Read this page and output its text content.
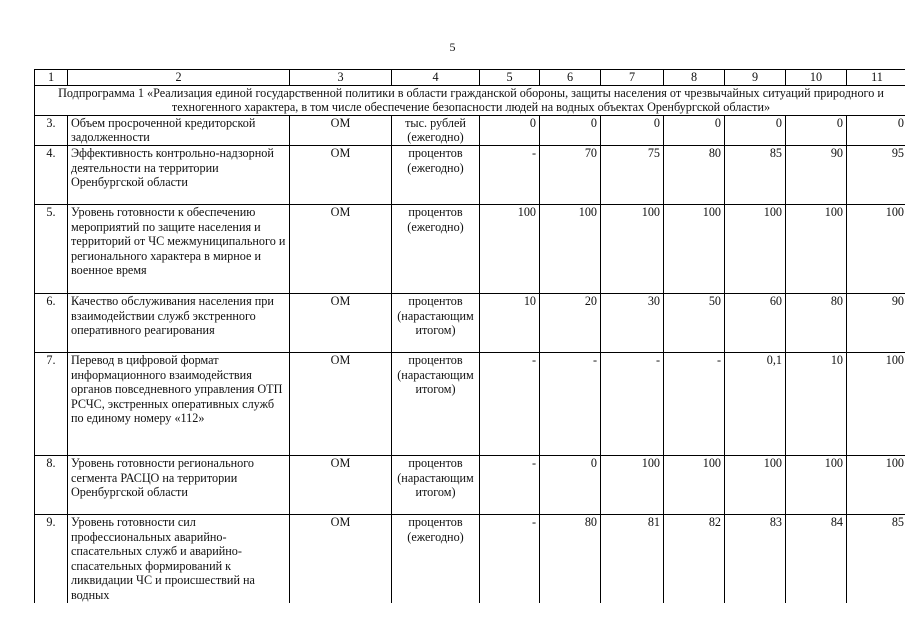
5
1	2	3	4	5	6	7	8	9	10	11
Подпрограмма 1 «Реализация единой государственной политики в области гражданской обороны, защиты населения от чрезвычайных ситуаций природного и техногенного характера, в том числе обеспечение безопасности людей на водных объектах Оренбургской области»										
3.	Объем просроченной кредиторской задолженности	ОМ	тыс. рублей (ежегодно)	0	0	0	0	0	0	0
4.	Эффективность контрольно-надзорной деятельности на территории Оренбургской области	ОМ	процентов (ежегодно)	-	70	75	80	85	90	95
5.	Уровень готовности к обеспечению мероприятий по защите населения и территорий от ЧС межмуниципального и регионального характера в мирное и военное время	ОМ	процентов (ежегодно)	100	100	100	100	100	100	100
6.	Качество обслуживания населения при взаимодействии служб экстренного оперативного реагирования	ОМ	процентов (нарастающим итогом)	10	20	30	50	60	80	90
7.	Перевод в цифровой формат информационного взаимодействия органов повседневного управления ОТП РСЧС, экстренных оперативных служб по единому номеру «112»	ОМ	процентов (нарастающим итогом)	-	-	-	-	0,1	10	100
8.	Уровень готовности регионального сегмента РАСЦО на территории Оренбургской области	ОМ	процентов (нарастающим итогом)	-	0	100	100	100	100	100
9.	Уровень готовности сил профессиональных аварийно-спасательных служб и аварийно-спасательных формирований к ликвидации ЧС и происшествий на водных	ОМ	процентов (ежегодно)	-	80	81	82	83	84	85
